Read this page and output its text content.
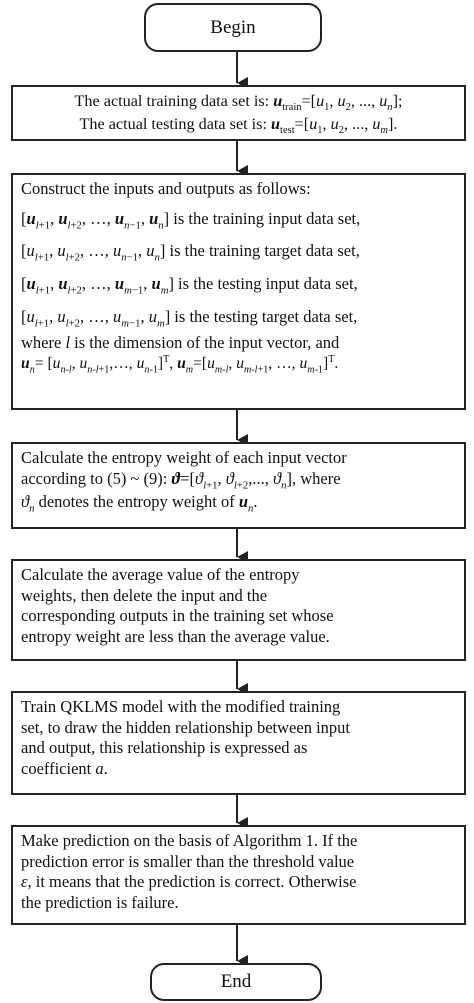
Begin
The actual training data set is: $u_{train}=[u_1$, $u_2$, ..., $u_n$];
The actual testing data set is: $u_{test}=[u_1$, $u_2$, ..., $u_m$].
Construct the inputs and outputs as follows:
[$u_{l+1}$, $u_{l+2}$, …, $u_{n-1}$, $u_n$] is the training input data set,
[$u_{l+1}$, $u_{l+2}$, …, $u_{n-1}$, $u_n$] is the training target data set,
[$u_{l+1}$, $u_{l+2}$, …, $u_{m-1}$, $u_m$] is the testing input data set,
[$u_{l+1}$, $u_{l+2}$, …, $u_{m-1}$, $u_m$] is the testing target data set,
where l is the dimension of the input vector, and
$u_n= [u_{n-l}$, $u_{n-l+1},\dots$, $u_{n-1}]^T$, $u_m=[u_{m-l}$, $u_{m-l+1}$, …, $u_{m-1}]^T$.
Calculate the entropy weight of each input vector
according to (5) ~ (9): $ϑ=[ϑ_{l+1}$, $ϑ_{l+2}$,..., $ϑ_n$], where
$ϑ_n$ denotes the entropy weight of $u_n$.
Calculate the average value of the entropy
weights, then delete the input and the
corresponding outputs in the training set whose
entropy weight are less than the average value.
Train QKLMS model with the modified training
set, to draw the hidden relationship between input
and output, this relationship is expressed as
coefficient a.
Make prediction on the basis of Algorithm 1. If the
prediction error is smaller than the threshold value
ε, it means that the prediction is correct. Otherwise
the prediction is failure.
End
